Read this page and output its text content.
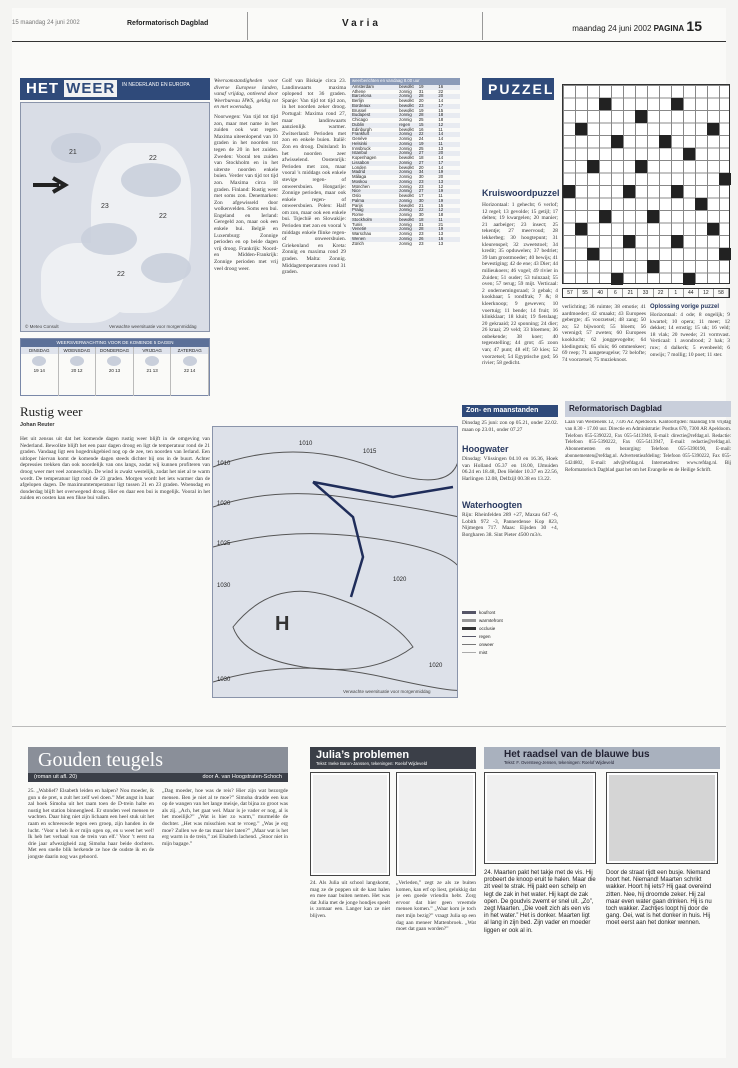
15 maandag 24 juni 2002	Reformatorisch Dagblad	Varia	maandag 24 juni 2002 PAGINA 15
HET WEER	IN NEDERLAND EN EUROPA
21
22
23
22
22
© Meteo Consult	Verwachte weersituatie voor morgenmiddag
WEERSVERWACHTING VOOR DE KOMENDE 5 DAGEN
DINSDAG
19 14
WOENSDAG
20 12
DONDERDAG
20 13
VRIJDAG
21 13
ZATERDAG
22 14
Rustig weer
Johan Reuter
Het uit zensus uit dat het komende dagen rustig weer blijft in de omgeving van Nederland. Bewolkte blijft het een paar dagen droog en ligt de temperatuur rond de 21 graden. Vandaag ligt een hogedrukgebied nog op de zee, ten noorden van Ierland. Een uitloper hiervan komt de komende dagen steeds dichter bij ons in de buurt. Achter depressies trekken dan ook noordelijk van ons langs, zodat wij kunnen profiteren van droog weer met veel zonneschijn. De wind is zwakt westelijk, zodat het niet al te warm wordt. De temperatuur ligt rond de 23 graden. Morgen wordt het iets warmer dan de afgelopen dagen. De maximumtemperatuur ligt tussen 21 en 23 graden. Woensdag en donderdag blijft het overwegend droog. Hier en daar een bui is mogelijk. Vooral in het zuiden en oosten kan een fikse bui vallen.
Weersomstandigheden voor diverse Europese landen, vanaf vrijdag, ontleend door Weerbureau HWS, geldig tot en met woensdag.
Noorwegen: Van tijd tot tijd zon, maar met name in het zuiden ook wat regen. Maxima uiteenlopend van 10 graden in het noorden tot tegen de 20 in het zuiden. Zweden: Vooral ten zuiden van Stockholm en in het uiterste noorden enkele buien. Verder van tijd tot tijd zon. Maxima circa 18 graden. Finland: Rustig weer met soms zon. Denemarken: Zon afgewisseld door wolkenvelden. Soms een bui. Engeland en Ierland: Geregeld zon, maar ook een enkele bui. België en Luxemburg: Zonnige perioden en op beide dagen vrij droog. Frankrijk: Noord- en Midden-Frankrijk: Zonnige perioden met vrij veel droog weer.
Golf van Biskaje circa 23. Landinwaarts maxima oplopend tot 36 graden. Spanje: Van tijd tot tijd zon, in het noorden zeker droog. Portugal: Maxima rond 27, maar landinwaarts aanzienlijk warmer. Zwitserland: Perioden met zon en enkele buien. Italië: Zon en droog. Duitsland: In het noorden zeer afwisselend. Oostenrijk: Perioden met zon, maar vooral 's middags ook enkele stevige regen- of onweersbuien. Hongarije: Zonnige perioden, maar ook enkele regen- of onweersbuien. Polen: Half om zon, maar ook een enkele bui. Tsjechië en Slowakije: Perioden met zon en vooral 's middags enkele flinke regen- of onweersbuien. Griekenland en Kreta: Zonnig en maxima rond 29 graden. Malta: Zonnig. Middagtemperaturen rond 31 graden.
weerberichten en vandaag 8.00 uur
Amsterdam	bewolkt	19	16
Athene	zonnig	31	22
Barcelona	zonnig	28	20
Berlijn	bewolkt	20	14
Bordeaux	bewolkt	23	17
Brussel	bewolkt	19	15
Budapest	zonnig	28	18
Chicago	zonnig	25	18
Dublin	regen	15	12
Edinburgh	bewolkt	16	11
Frankfurt	zonnig	22	14
Genève	zonnig	24	14
Helsinki	zonnig	19	11
Innsbruck	zonnig	25	13
Istanbul	zonnig	27	20
Kopenhagen	bewolkt	18	14
Lissabon	zonnig	27	17
Londen	bewolkt	20	14
Madrid	zonnig	34	19
Málaga	zonnig	30	20
Moskou	zonnig	23	13
München	zonnig	23	12
Nice	zonnig	27	19
Oslo	bewolkt	17	11
Palma	zonnig	30	19
Parijs	bewolkt	21	15
Praag	zonnig	22	12
Rome	zonnig	30	18
Stockholm	bewolkt	18	11
Tunis	zonnig	31	21
Venetië	zonnig	28	19
Warschau	zonnig	23	13
Wenen	zonnig	26	16
Zürich	zonnig	23	13
1010
1020
1025
1030
1030
1010
1015
1020
1020
H
Verwachte weersituatie voor morgenmiddag
Zon- en maanstanden
Dinsdag 25 juni: zon op 05.21, onder 22.02. maan op 23.01, onder 07.27
Hoogwater
Dinsdag: Vlissingen 04.10 en 16.36, Hoek van Holland 05.37 en 18.00, IJmuiden 06.24 en 18.48, Den Helder 10.37 en 22.56, Harlingen 12.08, Delfzijl 00.38 en 13.22.
Waterhoogten
Rijn: Rheinfelden 289 +27, Maxau 647 -6, Lobith 972 -3, Pannerdense Kop 823, Nijmegen 717. Maas: Eijsden 30 +4, Borgharen 38. Sint Pieter 4500 m3/s.
koufront
warmtefront
occlusie
regen
onweer
mist
PUZZEL
57	55	40	6	21	33	22	1	44	12	58
Kruiswoordpuzzel
Horizontaal: 1 gehecht; 6 verlof; 12 regel; 13 gevolde; 15 getijl; 17 delten; 19 kwargelen; 20 manier; 21 aarbeiger; 23 insect; 25 tekentje; 27 meervoud; 28 lekkerbeg; 30 hoogtepunt; 31 kleurenspel; 32 zweetstoel; 34 kredit; 35 opduwelen; 37 bedriet; 39 lam grootmoeder; 40 bewijs; 41 bevestiging; 42 de ene; 43 Dier; 44 milieukoers; 46 vogel; 49 rivier in Zuiden; 51 ouder; 53 tuinzaal; 55 oven; 57 terug; 59 mijt. Verticaal: 2 ondernemingsraad; 3 gebak; 4 kookbaar; 5 rondfrak; 7 &; 8 kleerknoop; 9 geweven; 10 voertuig; 11 bende; 14 fruit; 16 klinkklaar; 18 kluit; 19 fietslaag; 20 gekraaid; 22 sponning; 24 dier; 26 kraai; 29 veld; 33 bloemen; 36 onbekende; 38 koer; 40 tegenstelling; 44 grot; 45 zoon van; 47 punt; 48 elf; 50 kies; 52 voorzetsel; 54 Egyptische god; 56 rivier; 58 gedicht.
verlichting; 36 ruimte; 38 emotie; 41 aardmoeder; 42 smaakt; 43 Europees gebergte; 45 voorzetsel; 48 zang; 50 zo; 52 bijwoord; 55 bloem; 56 verenigd; 57 zweten; 60 Europees kooklucht; 62 jonggevogelte; 64 kledingstuk; 65 sluis; 66 ommenkeer; 69 reep; 71 aangeteugelse; 72 belofte; 74 voorzetsel; 75 muzieknoot.
Oplossing vorige puzzel
Horizontaal: 4 ode; 8 ongelijk; 9 kwartel; 10 opera; 11 meer; 12 dekket; 14 ernstig; 15 uk; 16 veld; 18 vlak; 20 tweede; 21 vormvast. Verticaal: 1 avondrood; 2 hak; 3 ruw; 4 dalkerk; 5 evenbeeld; 6 onwijs; 7 mollig; 10 poet; 11 ster.
Reformatorisch Dagblad
Laan van Westenenk 12, 7336 AZ Apeldoorn. Kantoortijden: maandag t/m vrijdag van 8.30 - 17.00 uur. Directie en Administratie: Postbus 670, 7300 AR Apeldoorn. Telefoon 055-5390222, Fax 055-5413946, E-mail: directie@refdag.nl. Redactie: Telefoon 055-5390222, Fax 055-5413947, E-mail: redactie@refdag.nl. Abonnementen en bezorging: Telefoon 055-5390190, E-mail: abonnementen@refdag.nl. Advertentieafdeling: Telefoon 055-5390222, Fax 055-5424802, E-mail: adv@refdag.nl. Internetadres: www.refdag.nl. Bij Reformatorisch Dagblad gaat het om het Evangelie en de Heilige Schrift.
Gouden teugels
(roman uit afl. 20)	door A. van Hoogstraten-Schoch
25. „Wablief? Elsabeth leiden en halpen? Nou moeder, ik gun u de pret, u zult het zelf wel doen.” Met angst in haar zal hoek Simoha uit het raam toen de D-trein halte en nustig het station binnengleed. Er stonden veel mensen te wachten. Daar hing niet zijn lichaam een heel stuk uit het raam en schreeuwde tegen een groep, zijn handen in de lucht. ‘Voor u heb ik er mijn ogen op, en u weet het wel! Ik heb het verhaal van de trein van elf.’ Voor ’t eerst na drie jaar afwezigheid zag Simoha haar beide dochters. Met een snelle blik herkende ze hoe de oudste ik en de jongste daarin nog was gehoord.
„Dag moeder, hoe was de reis? Hier zijn wat bezorgde mensen. Ben je niet al te moe?” Simoha dradde een kus op de wangen van het lange meisje, dat bijna zo groot was als zij. „Ach, het gaat wel. Maar is je vader er nog, al is het moeilijk?” „Wat is hier zo warm,” murmelde de dochter. „Het was misschien wat te vroeg.” „Was je erg moe? Zullen we de tas maar hier laten?” „Maar wat is het erg warm in de trein,” zei Elsabeth lachend. „Stoor niet in mijn bagage.”
Julia’s problemen
Tekst: Ineke Baron-Janssen, tekeningen: Roelof Wijdeveld
24. Als Julia uit school langskomt, mag ze de poppen uit de kast halen en mee naar buiten nemen. Het was dat Julia met de jonge hondjes speelt is zomaar een. Langer kan ze niet blijven.
„Verleden,” zegt ze als ze buiten komen, kan erf op liest, gelukkig dat je een goede vriendin hebt. Zorg ervoor dat hier geen vreemde mensen komen.” „Waar kom je toch met mijn bezig?” vraagt Julia op een dag aan meneer Mattenbroek. „Wat moet dat gaan worden?”
Het raadsel van de blauwe bus
Tekst: F. Oversteeg-Jensen, tekeningen: Roelof Wijdeveld
24. Maarten pakt het takje met de vis. Hij probeert de knoop eruit te halen. Maar die zit veel te strak. Hij pakt een schelp en legt de zak in het water. Hij kapt de zak open. De goudvis zwemt er snel uit. „Zo”, zegt Maarten. „Die voelt zich als een vis in het water.” Het is donker. Maarten ligt al lang in zijn bed. Zijn vader en moeder liggen er ook al in.
Door de straat rijdt een busje. Niemand hoort het. Niemand! Maarten schrikt wakker. Hoort hij iets? Hij gaat overeind zitten. Nee, hij droomde zeker. Hij zal maar even water gaan drinken. Hij is nu toch wakker. Zachtjes loopt hij door de gang. Oei, wat is het donker in huis. Hij moet eerst aan het donker wennen.
